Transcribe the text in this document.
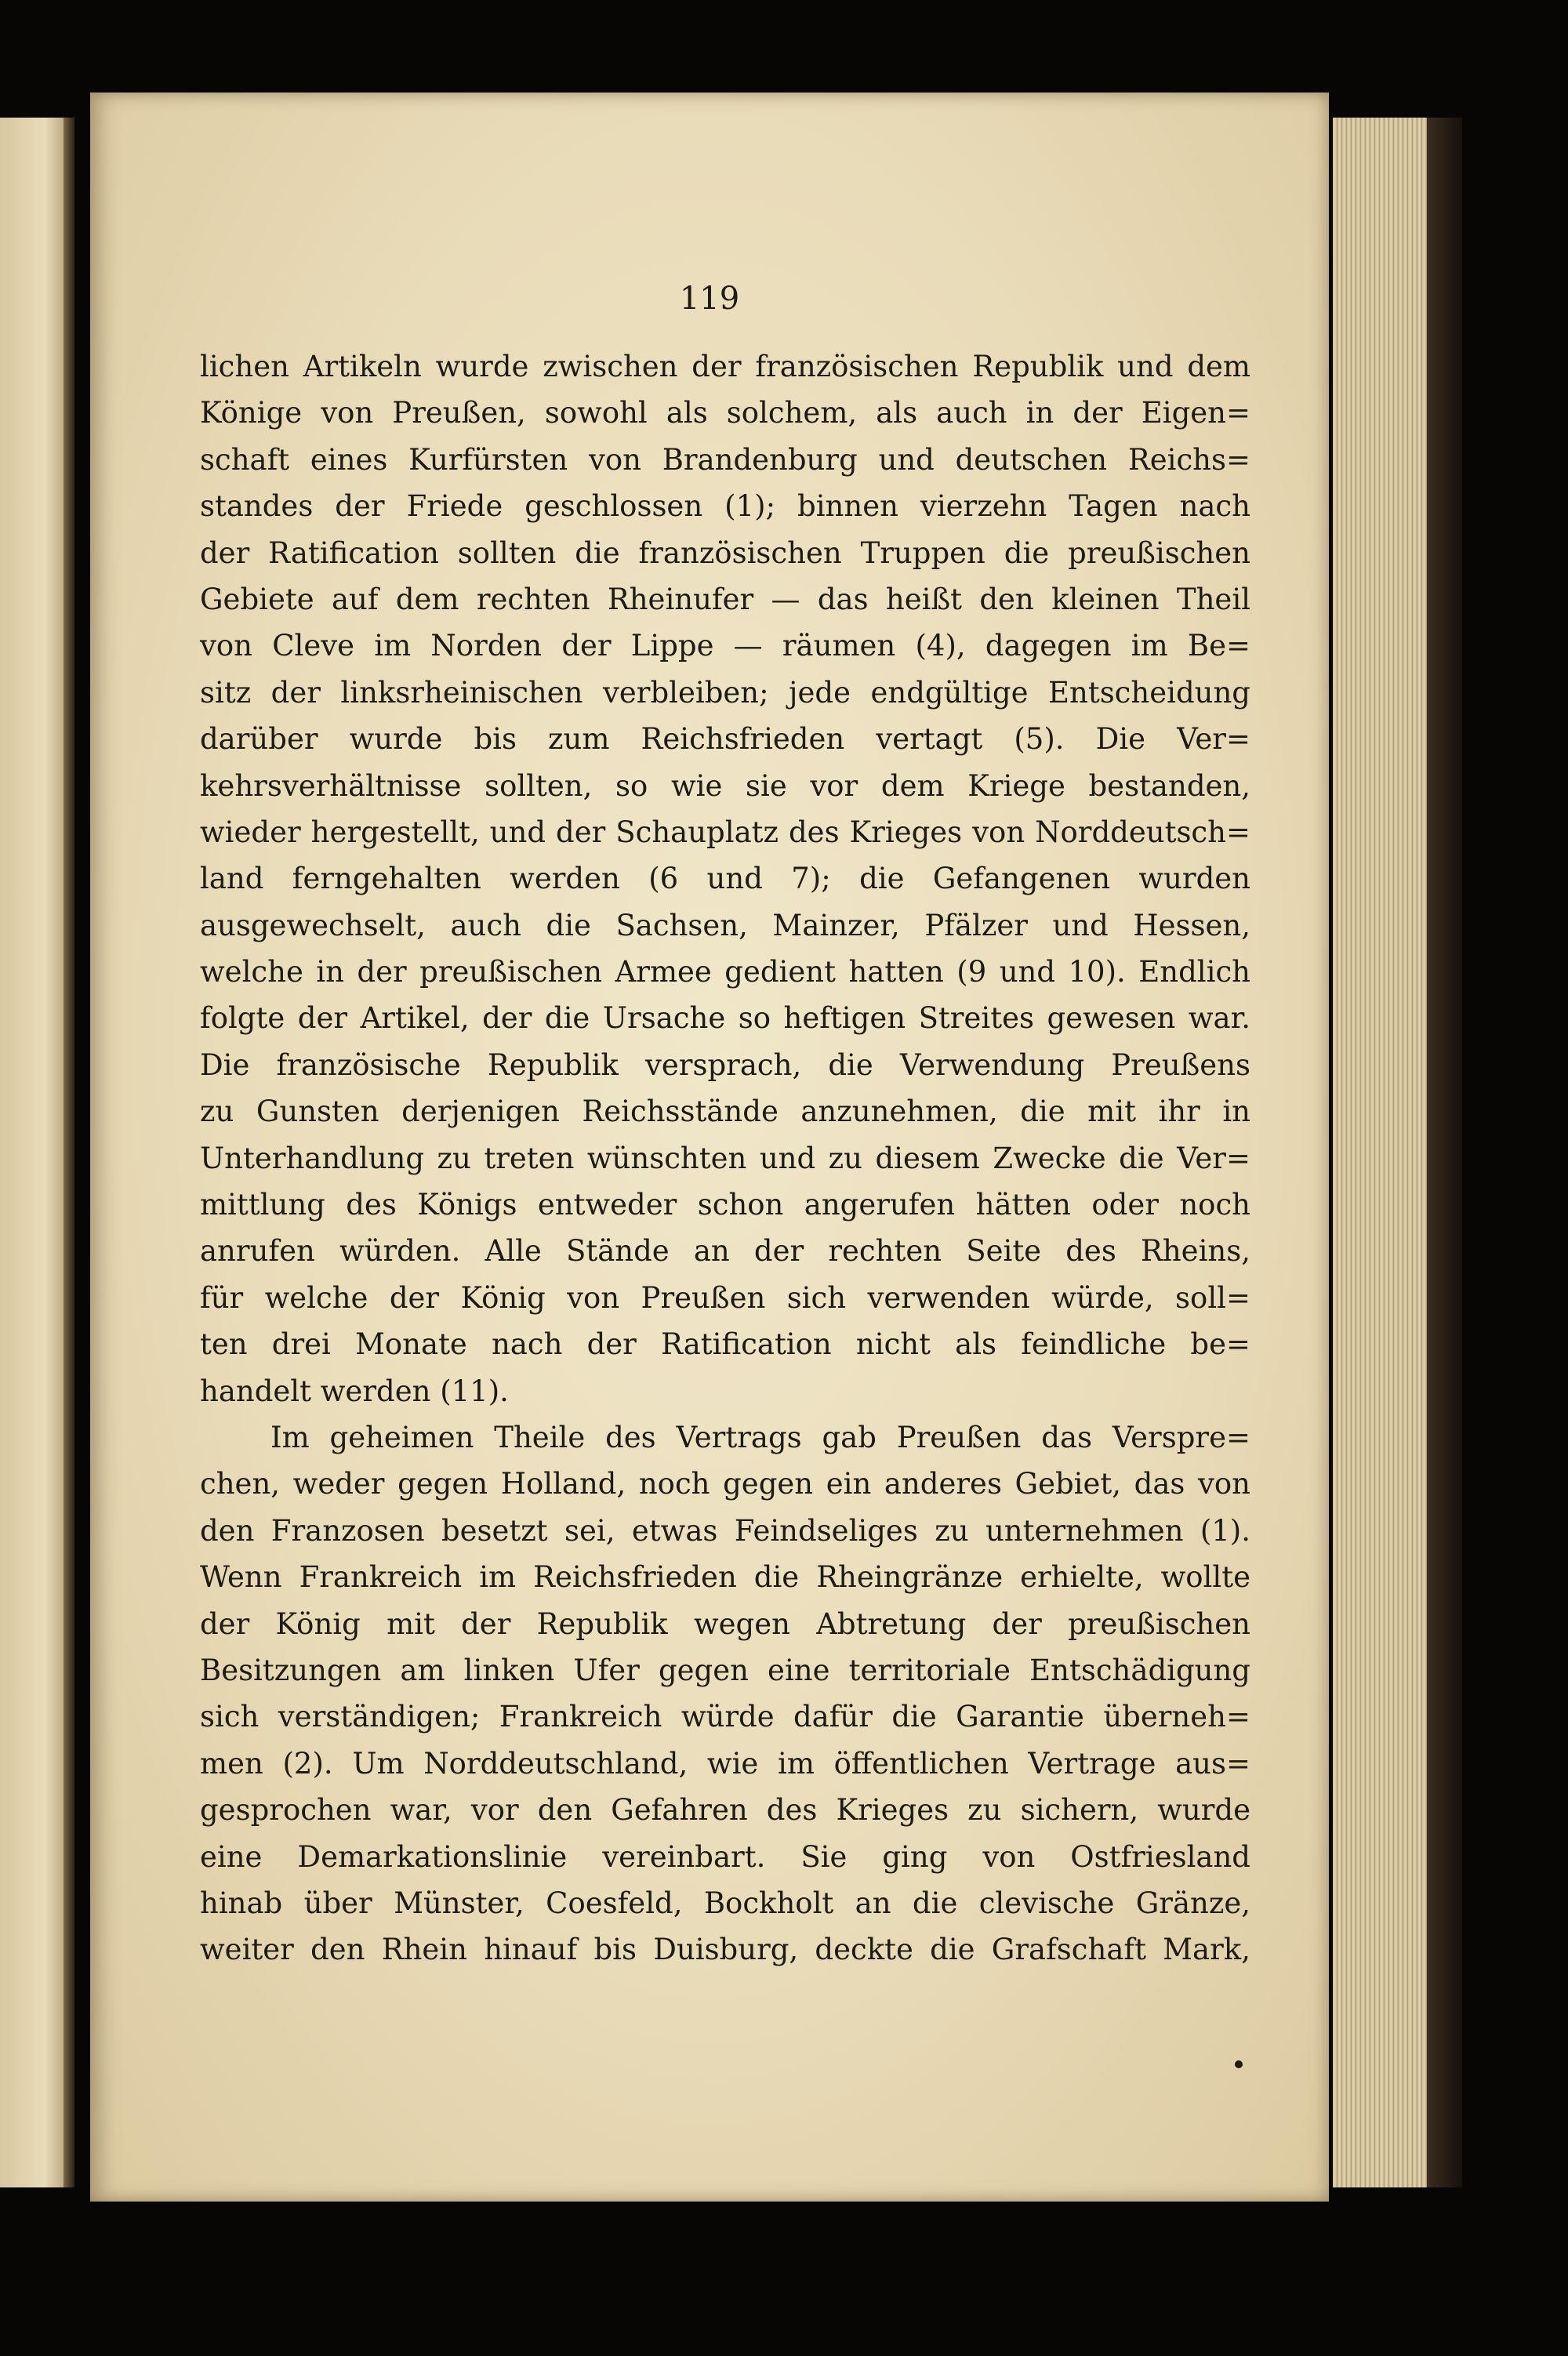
119
lichen Artikeln wurde zwischen der französischen Republik und dem
Könige von Preußen, sowohl als solchem, als auch in der Eigen=
schaft eines Kurfürsten von Brandenburg und deutschen Reichs=
standes der Friede geschlossen (1); binnen vierzehn Tagen nach
der Ratification sollten die französischen Truppen die preußischen
Gebiete auf dem rechten Rheinufer — das heißt den kleinen Theil
von Cleve im Norden der Lippe — räumen (4), dagegen im Be=
sitz der linksrheinischen verbleiben; jede endgültige Entscheidung
darüber wurde bis zum Reichsfrieden vertagt (5). Die Ver=
kehrsverhältnisse sollten, so wie sie vor dem Kriege bestanden,
wieder hergestellt, und der Schauplatz des Krieges von Norddeutsch=
land ferngehalten werden (6 und 7); die Gefangenen wurden
ausgewechselt, auch die Sachsen, Mainzer, Pfälzer und Hessen,
welche in der preußischen Armee gedient hatten (9 und 10). Endlich
folgte der Artikel, der die Ursache so heftigen Streites gewesen war.
Die französische Republik versprach, die Verwendung Preußens
zu Gunsten derjenigen Reichsstände anzunehmen, die mit ihr in
Unterhandlung zu treten wünschten und zu diesem Zwecke die Ver=
mittlung des Königs entweder schon angerufen hätten oder noch
anrufen würden. Alle Stände an der rechten Seite des Rheins,
für welche der König von Preußen sich verwenden würde, soll=
ten drei Monate nach der Ratification nicht als feindliche be=
handelt werden (11).
Im geheimen Theile des Vertrags gab Preußen das Verspre=
chen, weder gegen Holland, noch gegen ein anderes Gebiet, das von
den Franzosen besetzt sei, etwas Feindseliges zu unternehmen (1).
Wenn Frankreich im Reichsfrieden die Rheingränze erhielte, wollte
der König mit der Republik wegen Abtretung der preußischen
Besitzungen am linken Ufer gegen eine territoriale Entschädigung
sich verständigen; Frankreich würde dafür die Garantie überneh=
men (2). Um Norddeutschland, wie im öffentlichen Vertrage aus=
gesprochen war, vor den Gefahren des Krieges zu sichern, wurde
eine Demarkationslinie vereinbart. Sie ging von Ostfriesland
hinab über Münster, Coesfeld, Bockholt an die clevische Gränze,
weiter den Rhein hinauf bis Duisburg, deckte die Grafschaft Mark,
